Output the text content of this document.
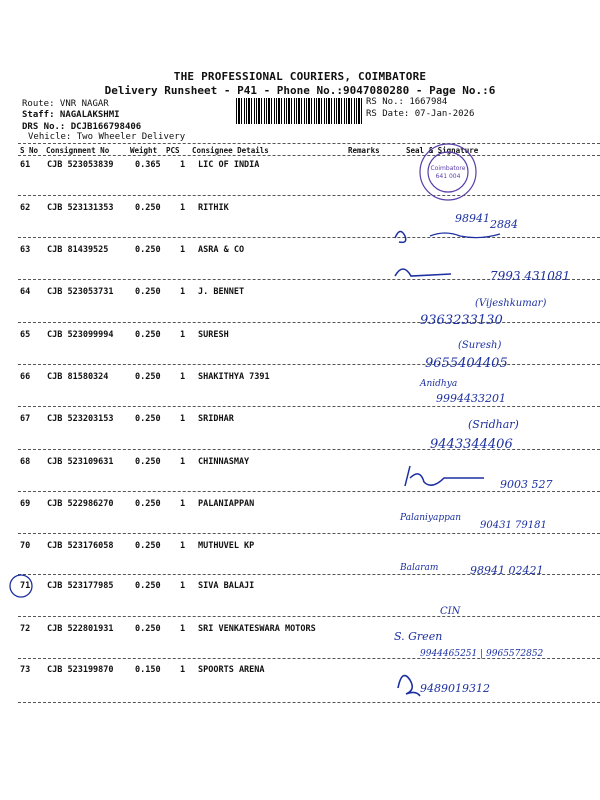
THE PROFESSIONAL COURIERS, COIMBATORE
Delivery Runsheet - P41 - Phone No.:9047080280 - Page No.:6
Route: VNR NAGAR
Staff: NAGALAKSHMI
DRS No.: DCJB166798406
Vehicle: Two Wheeler Delivery
RS No.: 1667984
RS Date: 07-Jan-2026
S No Consignment No	Weight PCS Consignee Details	Remarks	Seal & Signature
61 CJB 523053839	0.365 1 LIC OF INDIA
62 CJB 523131353	0.250 1 RITHIK
63 CJB 81439525	0.250 1 ASRA & CO
64 CJB 523053731	0.250 1 J. BENNET
65 CJB 523099994	0.250 1 SURESH
66 CJB 81580324	0.250 1 SHAKITHYA 7391
67 CJB 523203153	0.250 1 SRIDHAR
68 CJB 523109631	0.250 1 CHINNASMAY
69 CJB 522986270	0.250 1 PALANIAPPAN
70 CJB 523176058	0.250 1 MUTHUVEL KP
71 CJB 523177985	0.250 1 SIVA BALAJI
72 CJB 522801931	0.250 1 SRI VENKATESWARA MOTORS
73 CJB 523199870	0.150 1 SPOORTS ARENA
Coimbatore
641 004
98941 2884
7993 431081
(Vijeshkumar)
9363233130
(Suresh)
9655404405
Anidhya
9994433201
(Sridhar)
9443344406
9003 527
Palaniyappan
90431 79181
Balaram	98941 02421
CIN
S. Green
9944465251 | 9965572852
9489019312
